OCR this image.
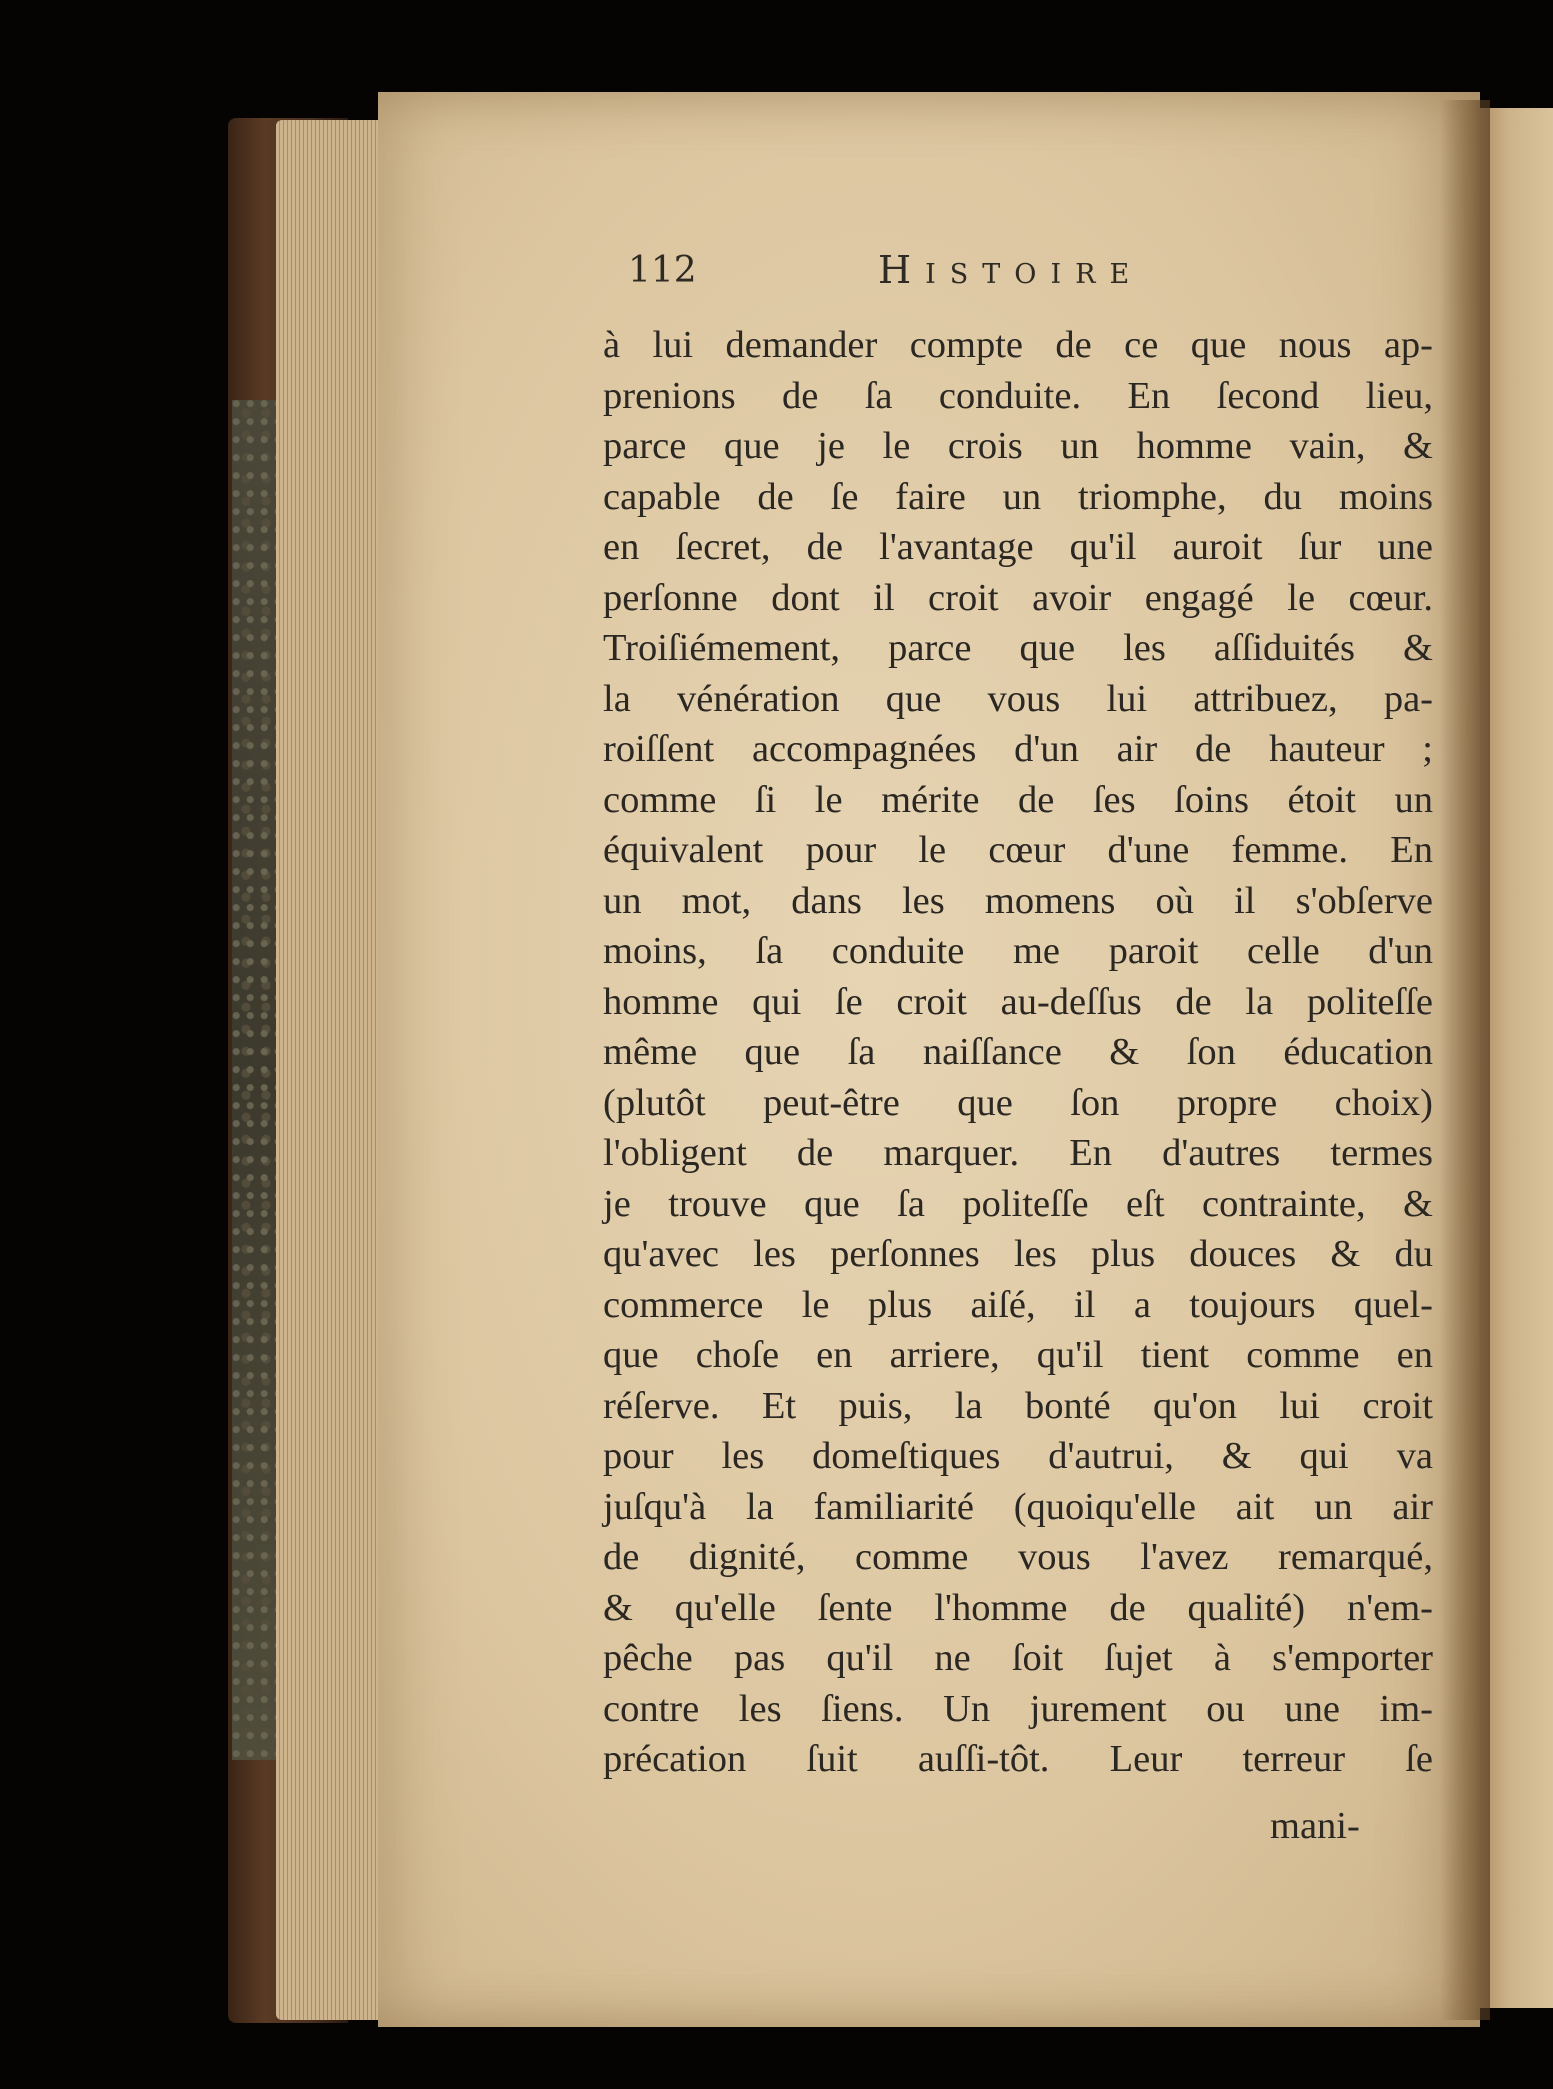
112	Histoire
à lui demander compte de ce que nous ap-
prenions de ſa conduite. En ſecond lieu,
parce que je le crois un homme vain, &
capable de ſe faire un triomphe, du moins
en ſecret, de l'avantage qu'il auroit ſur une
perſonne dont il croit avoir engagé le cœur.
Troiſiémement, parce que les aſſiduités &
la vénération que vous lui attribuez, pa-
roiſſent accompagnées d'un air de hauteur ;
comme ſi le mérite de ſes ſoins étoit un
équivalent pour le cœur d'une femme. En
un mot, dans les momens où il s'obſerve
moins, ſa conduite me paroit celle d'un
homme qui ſe croit au-deſſus de la politeſſe
même que ſa naiſſance & ſon éducation
(plutôt peut-être que ſon propre choix)
l'obligent de marquer. En d'autres termes
je trouve que ſa politeſſe eſt contrainte, &
qu'avec les perſonnes les plus douces & du
commerce le plus aiſé, il a toujours quel-
que choſe en arriere, qu'il tient comme en
réſerve. Et puis, la bonté qu'on lui croit
pour les domeſtiques d'autrui, & qui va
juſqu'à la familiarité (quoiqu'elle ait un air
de dignité, comme vous l'avez remarqué,
& qu'elle ſente l'homme de qualité) n'em-
pêche pas qu'il ne ſoit ſujet à s'emporter
contre les ſiens. Un jurement ou une im-
précation ſuit auſſi-tôt. Leur terreur ſe
mani-
